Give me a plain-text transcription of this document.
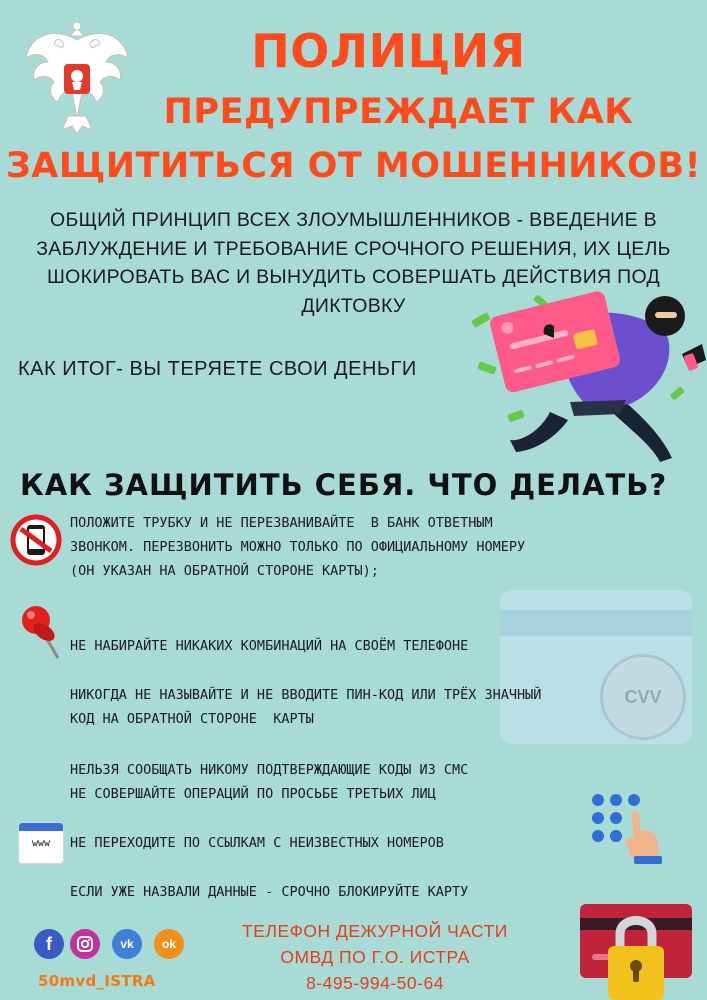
ПОЛИЦИЯ
ПРЕДУПРЕЖДАЕТ КАК
ЗАЩИТИТЬСЯ ОТ МОШЕННИКОВ!
ОБЩИЙ ПРИНЦИП ВСЕХ ЗЛОУМЫШЛЕННИКОВ - ВВЕДЕНИЕ В
ЗАБЛУЖДЕНИЕ И ТРЕБОВАНИЕ СРОЧНОГО РЕШЕНИЯ, ИХ ЦЕЛЬ
ШОКИРОВАТЬ ВАС И ВЫНУДИТЬ СОВЕРШАТЬ ДЕЙСТВИЯ ПОД
ДИКТОВКУ
КАК ИТОГ- ВЫ ТЕРЯЕТЕ СВОИ ДЕНЬГИ
КАК ЗАЩИТИТЬ СЕБЯ. ЧТО ДЕЛАТЬ?
CVV
ПОЛОЖИТЕ ТРУБКУ И НЕ ПЕРЕЗВАНИВАЙТЕ  В БАНК ОТВЕТНЫМ
ЗВОНКОМ. ПЕРЕЗВОНИТЬ МОЖНО ТОЛЬКО ПО ОФИЦИАЛЬНОМУ НОМЕРУ
(ОН УКАЗАН НА ОБРАТНОЙ СТОРОНЕ КАРТЫ);
НЕ НАБИРАЙТЕ НИКАКИХ КОМБИНАЦИЙ НА СВОЁМ ТЕЛЕФОНЕ
НИКОГДА НЕ НАЗЫВАЙТЕ И НЕ ВВОДИТЕ ПИН-КОД ИЛИ ТРЁХ ЗНАЧНЫЙ
КОД НА ОБРАТНОЙ СТОРОНЕ  КАРТЫ
НЕЛЬЗЯ СООБЩАТЬ НИКОМУ ПОДТВЕРЖДАЮЩИЕ КОДЫ ИЗ СМС
НЕ СОВЕРШАЙТЕ ОПЕРАЦИЙ ПО ПРОСЬБЕ ТРЕТЬИХ ЛИЦ
www	НЕ ПЕРЕХОДИТЕ ПО ССЫЛКАМ С НЕИЗВЕСТНЫХ НОМЕРОВ
ЕСЛИ УЖЕ НАЗВАЛИ ДАННЫЕ - СРОЧНО БЛОКИРУЙТЕ КАРТУ
f	vk	ok
50mvd_ISTRA
ТЕЛЕФОН ДЕЖУРНОЙ ЧАСТИ
ОМВД ПО Г.О. ИСТРА
8-495-994-50-64
